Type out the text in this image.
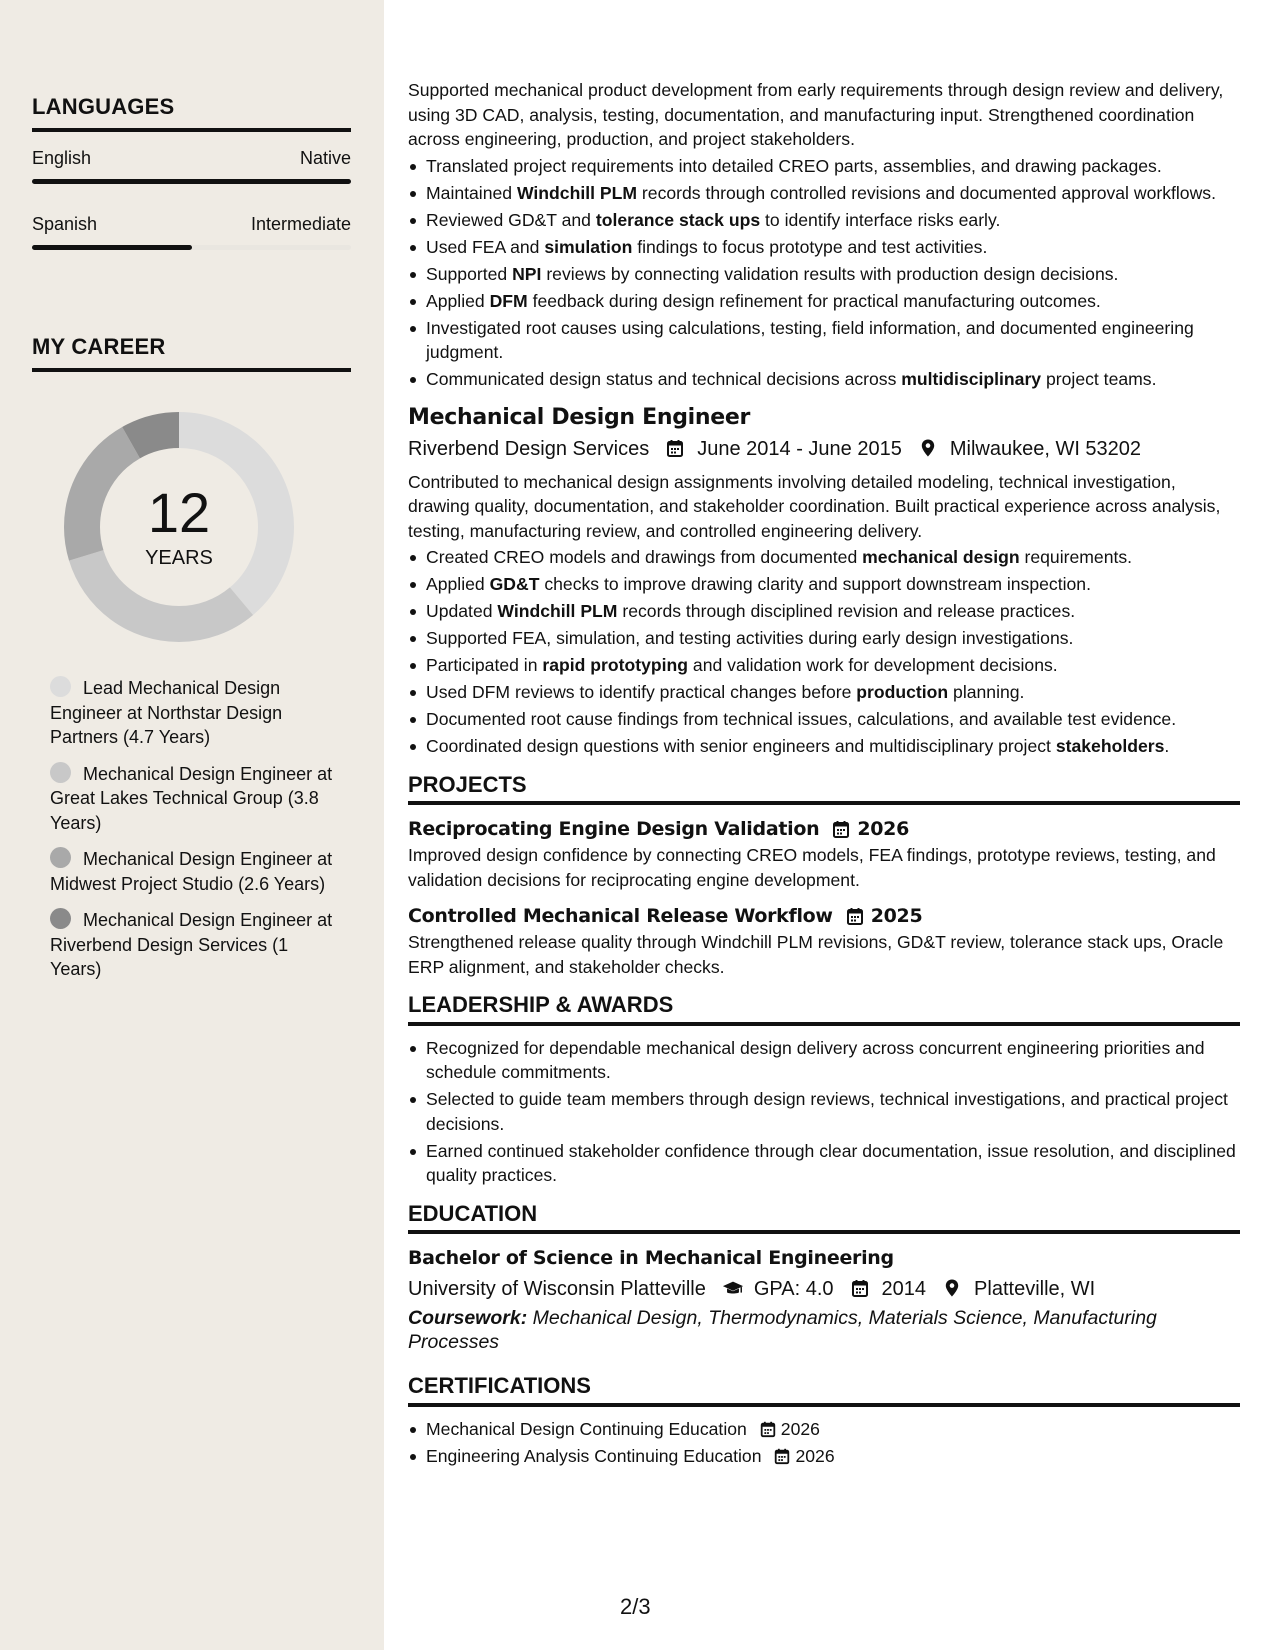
LANGUAGES
English	Native
Spanish	Intermediate
MY CAREER
12
YEARS
Lead Mechanical Design Engineer at Northstar Design Partners (4.7 Years)
Mechanical Design Engineer at Great Lakes Technical Group (3.8 Years)
Mechanical Design Engineer at Midwest Project Studio (2.6 Years)
Mechanical Design Engineer at Riverbend Design Services (1 Years)

Supported mechanical product development from early requirements through design review and delivery, using 3D CAD, analysis, testing, documentation, and manufacturing input. Strengthened coordination across engineering, production, and project stakeholders.

Translated project requirements into detailed CREO parts, assemblies, and drawing packages.
Maintained Windchill PLM records through controlled revisions and documented approval workflows.
Reviewed GD&T and tolerance stack ups to identify interface risks early.
Used FEA and simulation findings to focus prototype and test activities.
Supported NPI reviews by connecting validation results with production design decisions.
Applied DFM feedback during design refinement for practical manufacturing outcomes.
Investigated root causes using calculations, testing, field information, and documented engineering judgment.
Communicated design status and technical decisions across multidisciplinary project teams.
Mechanical Design Engineer
Riverbend Design Services June 2014 - June 2015 Milwaukee, WI 53202

Contributed to mechanical design assignments involving detailed modeling, technical investigation, drawing quality, documentation, and stakeholder coordination. Built practical experience across analysis, testing, manufacturing review, and controlled engineering delivery.

Created CREO models and drawings from documented mechanical design requirements.
Applied GD&T checks to improve drawing clarity and support downstream inspection.
Updated Windchill PLM records through disciplined revision and release practices.
Supported FEA, simulation, and testing activities during early design investigations.
Participated in rapid prototyping and validation work for development decisions.
Used DFM reviews to identify practical changes before production planning.
Documented root cause findings from technical issues, calculations, and available test evidence.
Coordinated design questions with senior engineers and multidisciplinary project stakeholders.
PROJECTS
Reciprocating Engine Design Validation 2026

Improved design confidence by connecting CREO models, FEA findings, prototype reviews, testing, and validation decisions for reciprocating engine development.

Controlled Mechanical Release Workflow 2025

Strengthened release quality through Windchill PLM revisions, GD&T review, tolerance stack ups, Oracle ERP alignment, and stakeholder checks.

LEADERSHIP & AWARDS
Recognized for dependable mechanical design delivery across concurrent engineering priorities and schedule commitments.
Selected to guide team members through design reviews, technical investigations, and practical project decisions.
Earned continued stakeholder confidence through clear documentation, issue resolution, and disciplined quality practices.
EDUCATION
Bachelor of Science in Mechanical Engineering
University of Wisconsin Platteville GPA: 4.0 2014 Platteville, WI
Coursework: Mechanical Design, Thermodynamics, Materials Science, Manufacturing Processes
CERTIFICATIONS
Mechanical Design Continuing Education 2026
Engineering Analysis Continuing Education 2026
2/3
